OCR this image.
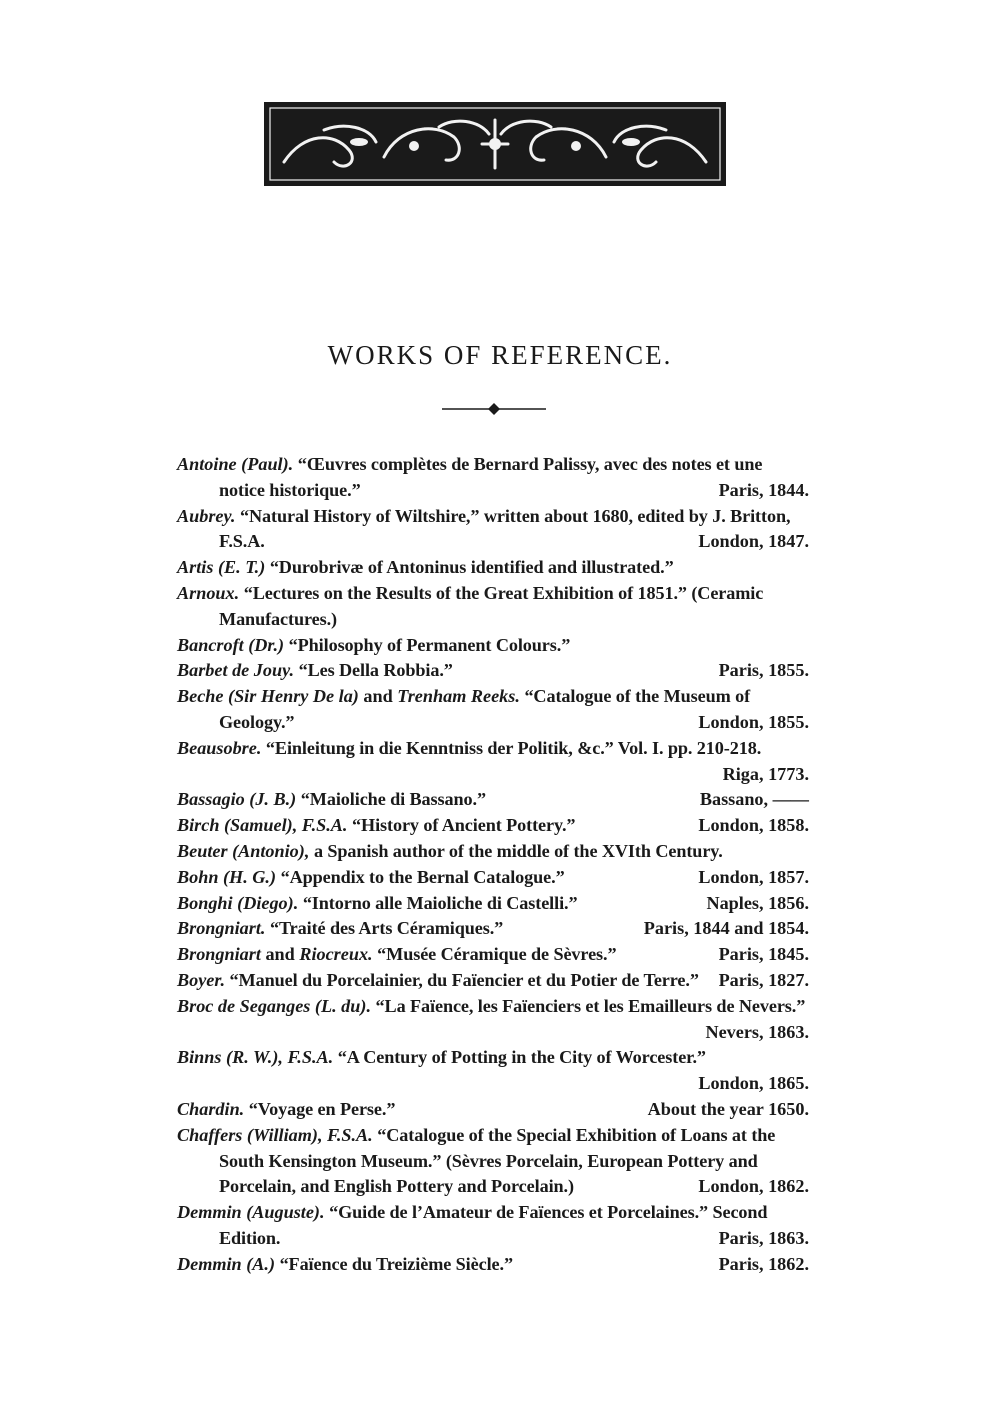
WORKS OF REFERENCE.
Antoine (Paul). “Œuvres complètes de Bernard Palissy, avec des notes et une notice historique.”	Paris, 1844.
Aubrey. “Natural History of Wiltshire,” written about 1680, edited by J. Britton, F.S.A.	London, 1847.
Artis (E. T.) “Durobrivæ of Antoninus identified and illustrated.”
Arnoux. “Lectures on the Results of the Great Exhibition of 1851.” (Ceramic Manufactures.)
Bancroft (Dr.) “Philosophy of Permanent Colours.”
Barbet de Jouy. “Les Della Robbia.”	Paris, 1855.
Beche (Sir Henry De la) and Trenham Reeks. “Catalogue of the Museum of Geology.”	London, 1855.
Beausobre. “Einleitung in die Kenntniss der Politik, &c.” Vol. I. pp. 210-218.
Riga, 1773.
Bassagio (J. B.) “Maioliche di Bassano.”	Bassano, ——
Birch (Samuel), F.S.A. “History of Ancient Pottery.”	London, 1858.
Beuter (Antonio), a Spanish author of the middle of the XVIth Century.
Bohn (H. G.) “Appendix to the Bernal Catalogue.”	London, 1857.
Bonghi (Diego). “Intorno alle Maioliche di Castelli.”	Naples, 1856.
Brongniart. “Traité des Arts Céramiques.”	Paris, 1844 and 1854.
Brongniart and Riocreux. “Musée Céramique de Sèvres.”	Paris, 1845.
Boyer. “Manuel du Porcelainier, du Faïencier et du Potier de Terre.” Paris, 1827.
Broc de Seganges (L. du). “La Faïence, les Faïenciers et les Emailleurs de Nevers.”
Nevers, 1863.
Binns (R. W.), F.S.A. “A Century of Potting in the City of Worcester.”
London, 1865.
Chardin. “Voyage en Perse.”	About the year 1650.
Chaffers (William), F.S.A. “Catalogue of the Special Exhibition of Loans at the South Kensington Museum.” (Sèvres Porcelain, European Pottery and Porcelain, and English Pottery and Porcelain.)	London, 1862.
Demmin (Auguste). “Guide de l’Amateur de Faïences et Porcelaines.” Second Edition.	Paris, 1863.
Demmin (A.) “Faïence du Treizième Siècle.”	Paris, 1862.
